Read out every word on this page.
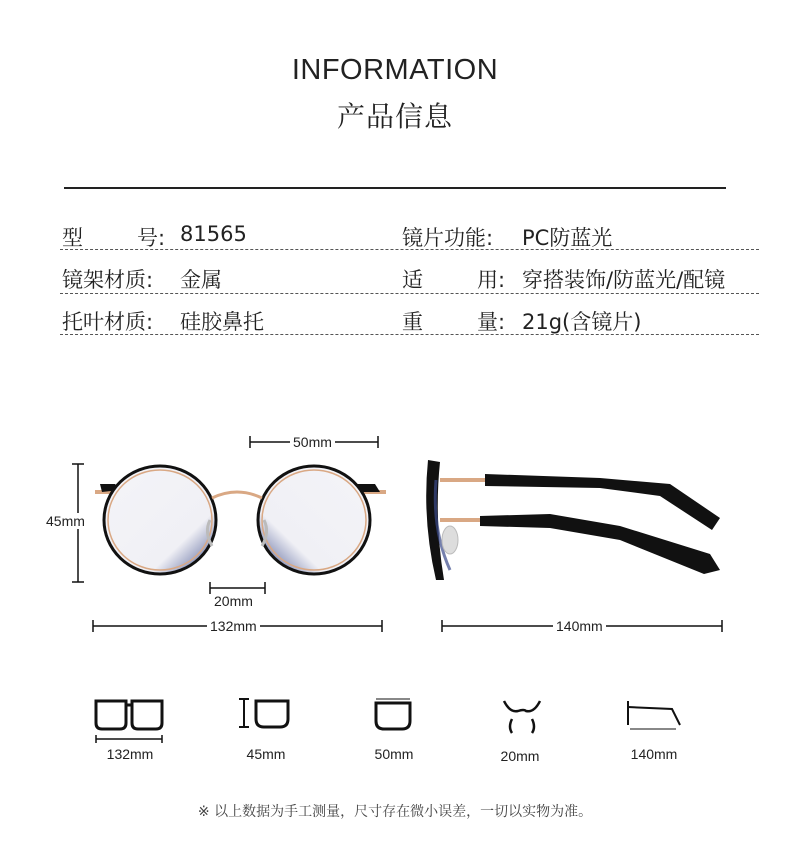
INFORMATION
产品信息
型	号 : 81565	镜片功能: PC防蓝光
镜架材质: 金属	适	用 : 穿搭装饰/防蓝光/配镜
托叶材质: 硅胶鼻托	重	量 : 21g(含镜片)
50mm
45mm
20mm
132mm	140mm
132mm	45mm	50mm	20mm	140mm
※ 以上数据为手工测量，尺寸存在微小误差，一切以实物为准。
